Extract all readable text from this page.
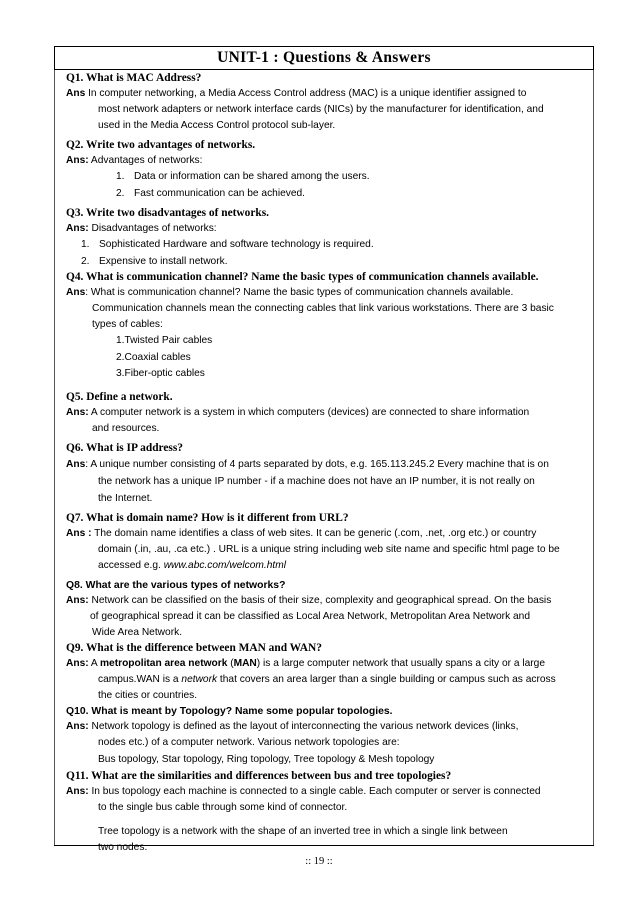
UNIT-1 : Questions & Answers

Q1. What is MAC Address?

Ans In computer networking, a Media Access Control address (MAC) is a unique identifier assigned to

most network adapters or network interface cards (NICs) by the manufacturer for identification, and

used in the Media Access Control protocol sub-layer.

Q2. Write two advantages of networks.

Ans: Advantages of networks:

1. Data or information can be shared among the users.

2. Fast communication can be achieved.

Q3. Write two disadvantages of networks.

Ans: Disadvantages of networks:

1. Sophisticated Hardware and software technology is required.

2. Expensive to install network.

Q4. What is communication channel? Name the basic types of communication channels available.

Ans: What is communication channel? Name the basic types of communication channels available.

Communication channels mean the connecting cables that link various workstations. There are 3 basic

types of cables:

1.Twisted Pair cables

2.Coaxial cables

3.Fiber-optic cables

Q5. Define a network.

Ans: A computer network is a system in which computers (devices) are connected to share information

and resources.

Q6. What is IP address?

Ans: A unique number consisting of 4 parts separated by dots, e.g. 165.113.245.2 Every machine that is on

the network has a unique IP number - if a machine does not have an IP number, it is not really on

the Internet.

Q7. What is domain name? How is it different from URL?

Ans : The domain name identifies a class of web sites. It can be generic (.com, .net, .org etc.) or country

domain (.in, .au, .ca etc.) . URL is a unique string including web site name and specific html page to be

accessed e.g. www.abc.com/welcom.html

Q8. What are the various types of networks?

Ans: Network can be classified on the basis of their size, complexity and geographical spread. On the basis

of geographical spread it can be classified as Local Area Network, Metropolitan Area Network and

Wide Area Network.

Q9. What is the difference between MAN and WAN?

Ans: A metropolitan area network (MAN) is a large computer network that usually spans a city or a large

campus.WAN is a network that covers an area larger than a single building or campus such as across

the cities or countries.

Q10. What is meant by Topology? Name some popular topologies.

Ans: Network topology is defined as the layout of interconnecting the various network devices (links,

nodes etc.) of a computer network. Various network topologies are:

Bus topology, Star topology, Ring topology, Tree topology & Mesh topology

Q11. What are the similarities and differences between bus and tree topologies?

Ans: In bus topology each machine is connected to a single cable. Each computer or server is connected

to the single bus cable through some kind of connector.

Tree topology is a network with the shape of an inverted tree in which a single link between

two nodes.

:: 19 ::
